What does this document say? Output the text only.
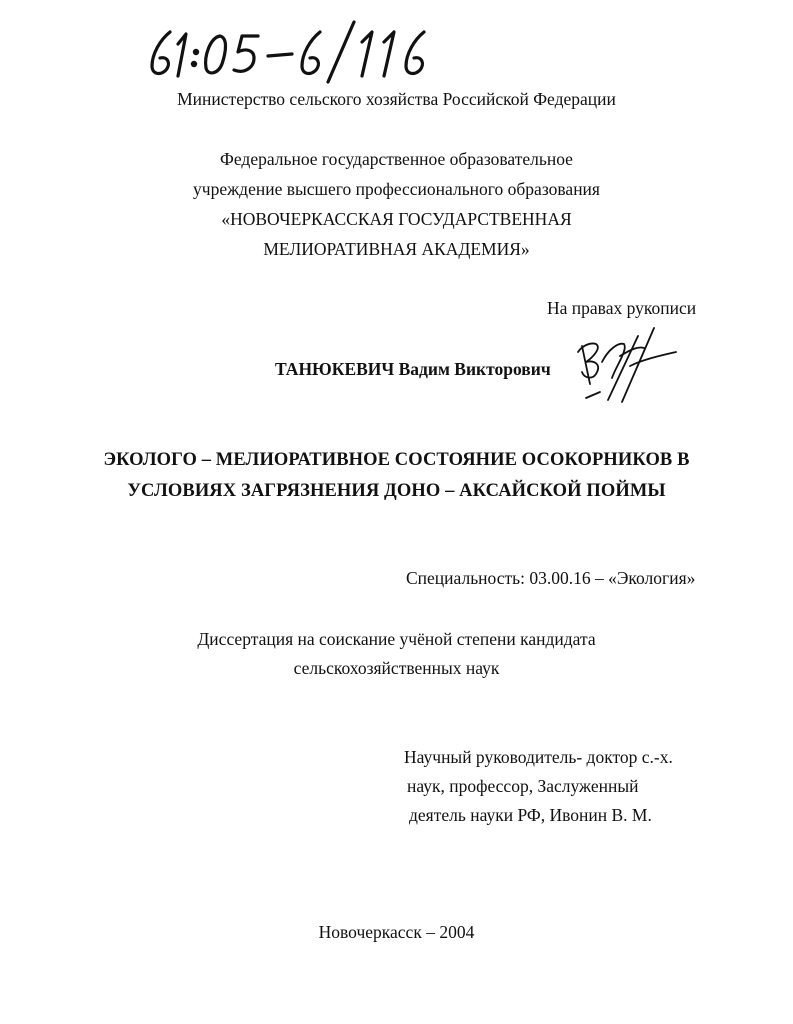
Министерство сельского хозяйства Российской Федерации
Федеральное государственное образовательное
учреждение высшего профессионального образования
«НОВОЧЕРКАССКАЯ ГОСУДАРСТВЕННАЯ
МЕЛИОРАТИВНАЯ АКАДЕМИЯ»
На правах рукописи
ТАНЮКЕВИЧ Вадим Викторович
ЭКОЛОГО – МЕЛИОРАТИВНОЕ СОСТОЯНИЕ ОСОКОРНИКОВ В
УСЛОВИЯХ ЗАГРЯЗНЕНИЯ ДОНО – АКСАЙСКОЙ ПОЙМЫ
Специальность: 03.00.16 – «Экология»
Диссертация на соискание учёной степени кандидата
сельскохозяйственных наук
Научный руководитель- доктор с.-х.
наук, профессор, Заслуженный
деятель науки РФ, Ивонин В. М.
Новочеркасск – 2004
